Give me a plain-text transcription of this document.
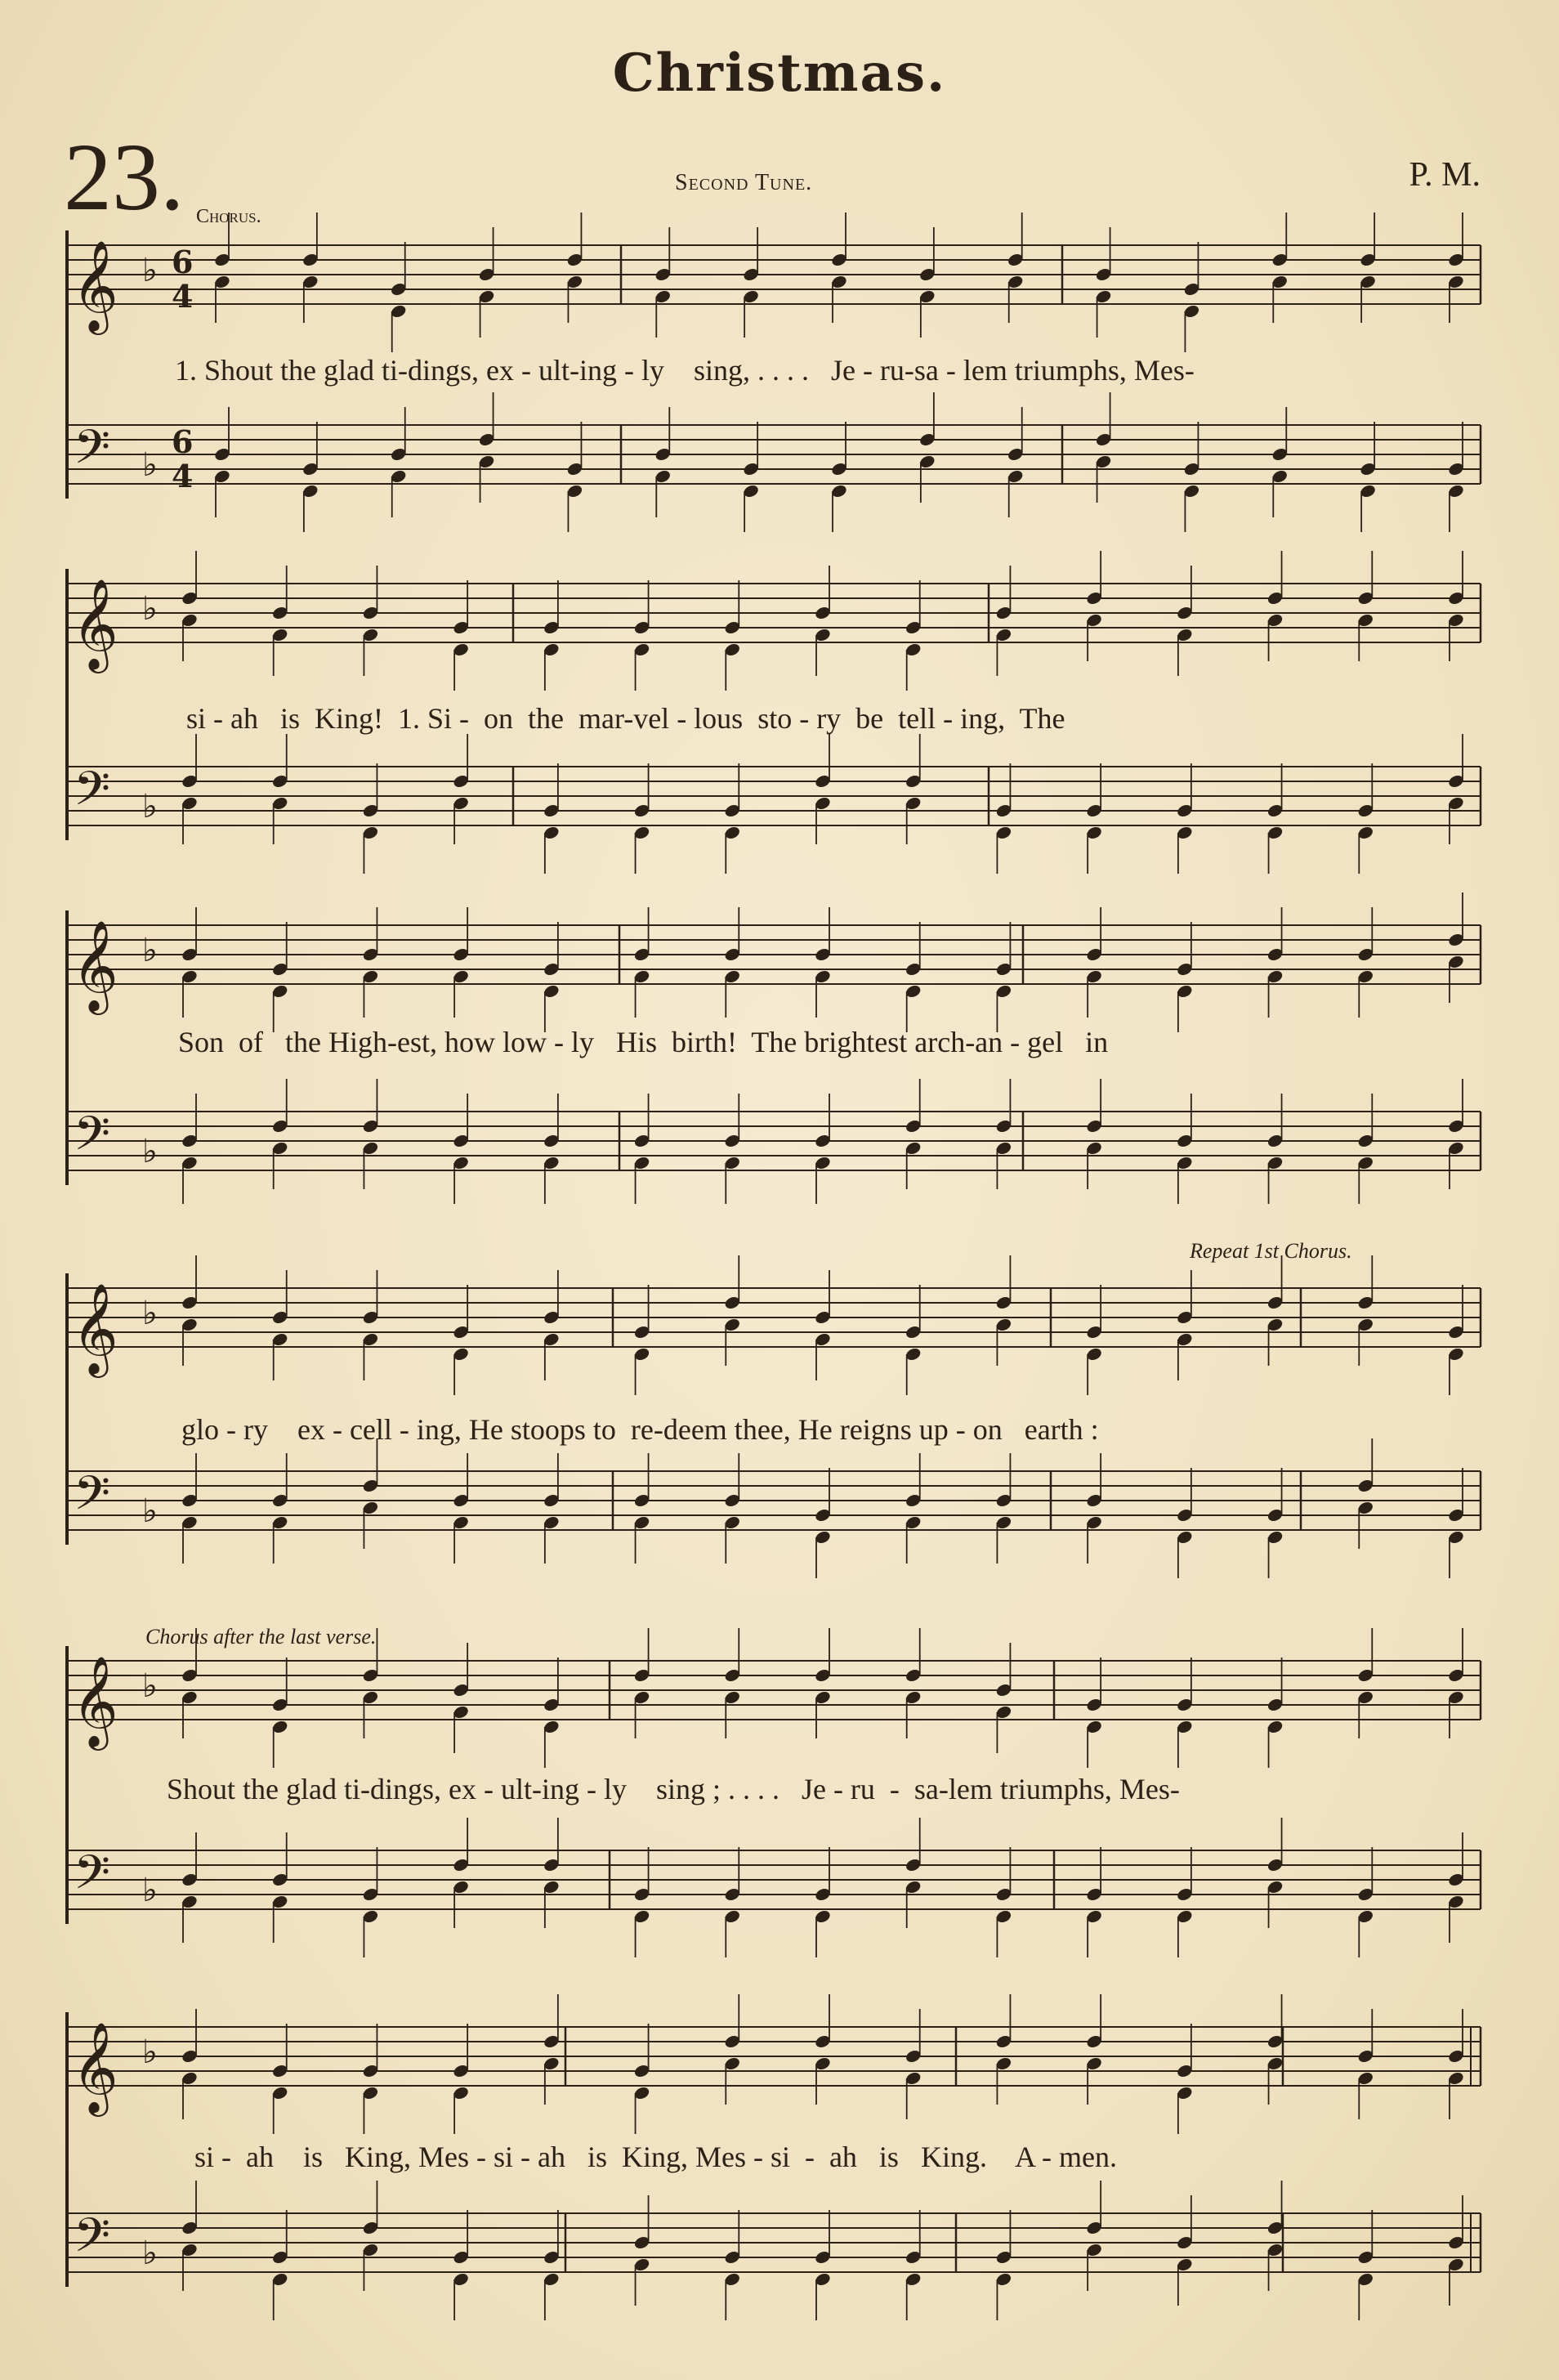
Christmas.
23.	Second Tune.	P. M.
Chorus.
Repeat 1st Chorus.
Chorus after the last verse.
𝄞
𝄢
♭
♭
6
4
6
4
𝄞
𝄢
♭
♭
𝄞
𝄢
♭
♭
𝄞
𝄢
♭
♭
𝄞
𝄢
♭
♭
𝄞
𝄢
♭
♭
1. Shout the glad ti-dings, ex - ult-ing - ly    sing, . . . .   Je - ru-sa - lem triumphs, Mes-
si - ah   is  King!  1. Si -  on  the  mar-vel - lous  sto - ry  be  tell - ing,  The
Son  of   the High-est, how low - ly   His  birth!  The brightest arch-an - gel   in
glo - ry    ex - cell - ing, He stoops to  re-deem thee, He reigns up - on   earth :
Shout the glad ti-dings, ex - ult-ing - ly    sing ; . . . .   Je - ru  -  sa-lem triumphs, Mes-
si -  ah    is   King, Mes - si - ah   is  King, Mes - si  -  ah   is   King.    A - men.
